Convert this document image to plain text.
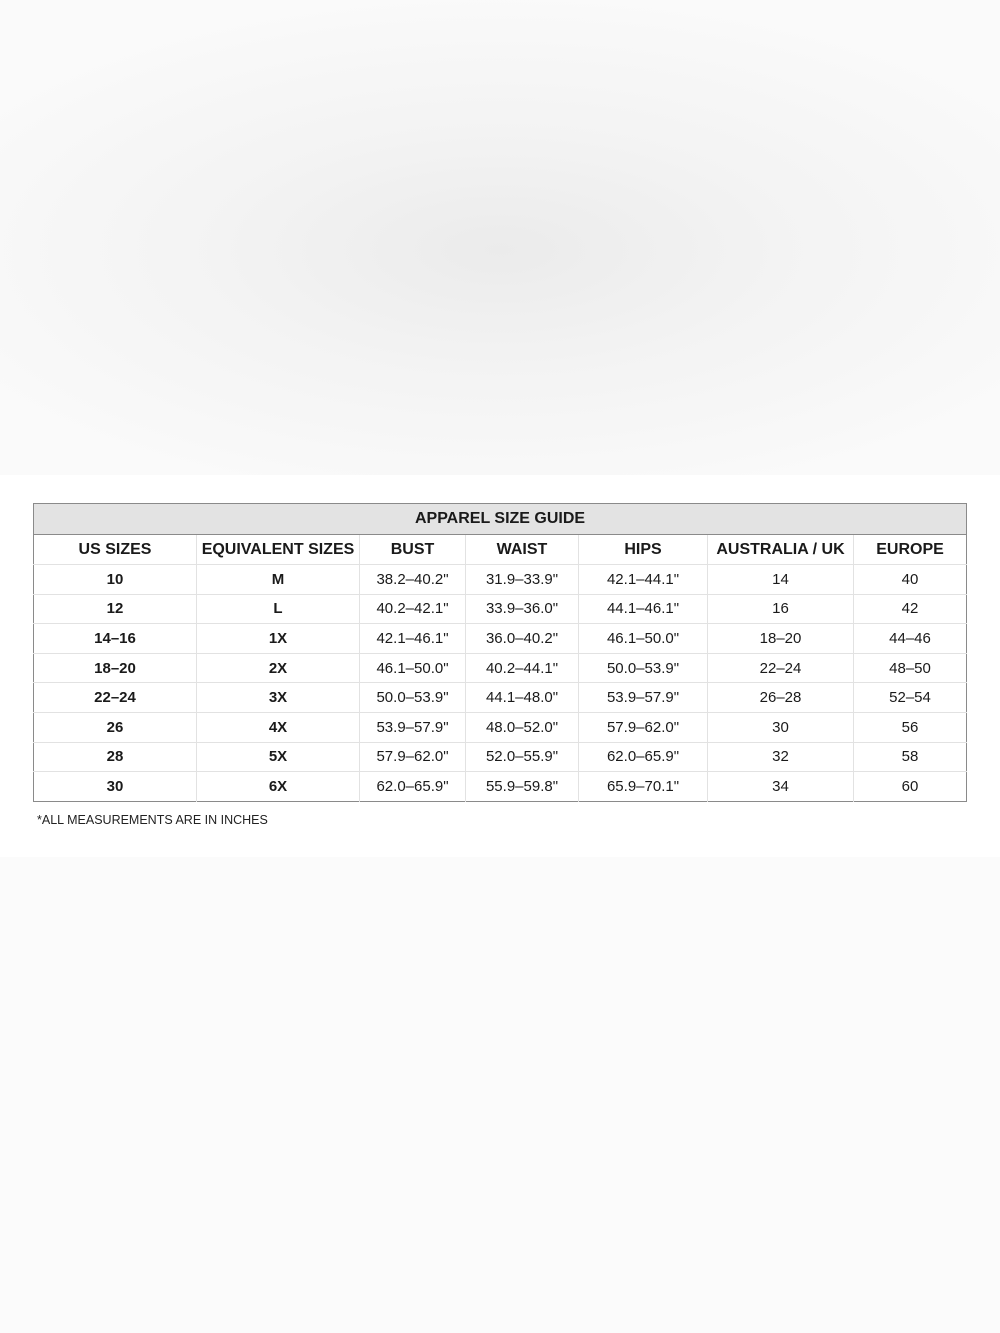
APPAREL SIZE GUIDE						
US SIZES	EQUIVALENT SIZES	BUST	WAIST	HIPS	AUSTRALIA / UK	EUROPE
10	M	38.2–40.2"	31.9–33.9"	42.1–44.1"	14	40
12	L	40.2–42.1"	33.9–36.0"	44.1–46.1"	16	42
14–16	1X	42.1–46.1"	36.0–40.2"	46.1–50.0"	18–20	44–46
18–20	2X	46.1–50.0"	40.2–44.1"	50.0–53.9"	22–24	48–50
22–24	3X	50.0–53.9"	44.1–48.0"	53.9–57.9"	26–28	52–54
26	4X	53.9–57.9"	48.0–52.0"	57.9–62.0"	30	56
28	5X	57.9–62.0"	52.0–55.9"	62.0–65.9"	32	58
30	6X	62.0–65.9"	55.9–59.8"	65.9–70.1"	34	60
*ALL MEASUREMENTS ARE IN INCHES
